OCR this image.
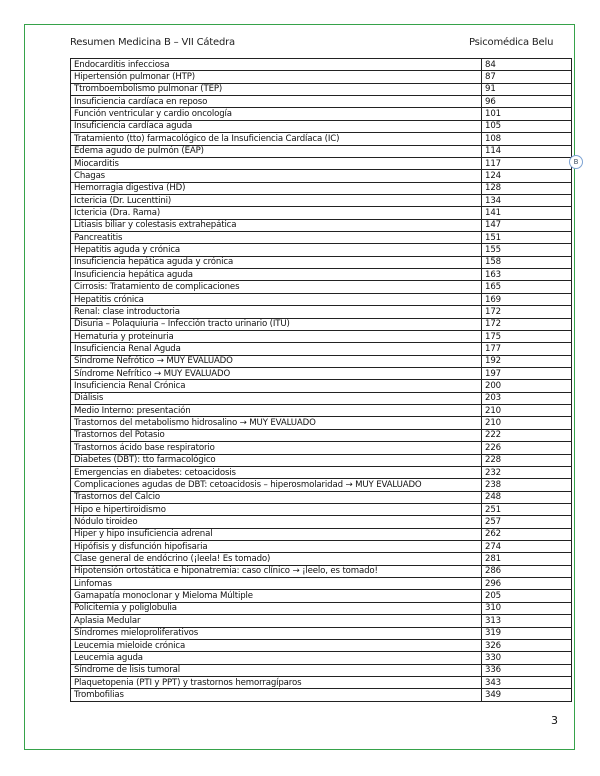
Resumen Medicina B – VII Cátedra	Psicomédica Belu
Endocarditis infecciosa	84
Hipertensión pulmonar (HTP)	87
Ttromboembolismo pulmonar (TEP)	91
Insuficiencia cardíaca en reposo	96
Función ventricular y cardio oncología	101
Insuficiencia cardíaca aguda	105
Tratamiento (tto) farmacológico de la Insuficiencia Cardíaca (IC)	108
Edema agudo de pulmón (EAP)	114
Miocarditis	117
Chagas	124
Hemorragia digestiva (HD)	128
Ictericia (Dr. Lucenttini)	134
Ictericia (Dra. Rama)	141
Litiasis biliar y colestasis extrahepática	147
Pancreatitis	151
Hepatitis aguda y crónica	155
Insuficiencia hepática aguda y crónica	158
Insuficiencia hepática aguda	163
Cirrosis: Tratamiento de complicaciones	165
Hepatitis crónica	169
Renal: clase introductoria	172
Disuria – Polaquiuria – Infección tracto urinario (ITU)	172
Hematuria y proteinuria	175
Insuficiencia Renal Aguda	177
Síndrome Nefrótico → MUY EVALUADO	192
Síndrome Nefrítico → MUY EVALUADO	197
Insuficiencia Renal Crónica	200
Diálisis	203
Medio Interno: presentación	210
Trastornos del metabolismo hidrosalino → MUY EVALUADO	210
Trastornos del Potasio	222
Trastornos ácido base respiratorio	226
Diabetes (DBT): tto farmacológico	228
Emergencias en diabetes: cetoacidosis	232
Complicaciones agudas de DBT: cetoacidosis – hiperosmolaridad → MUY EVALUADO	238
Trastornos del Calcio	248
Hipo e hipertiroidismo	251
Nódulo tiroideo	257
Hiper y hipo insuficiencia adrenal	262
Hipófisis y disfunción hipofisaria	274
Clase general de endócrino (¡leela! Es tomado)	281
Hipotensión ortostática e hiponatremia: caso clínico → ¡leelo, es tomado!	286
Linfomas	296
Gamapatía monoclonar y Mieloma Múltiple	205
Policitemia y poliglobulia	310
Aplasia Medular	313
Síndromes mieloproliferativos	319
Leucemia mieloide crónica	326
Leucemia aguda	330
Síndrome de lisis tumoral	336
Plaquetopenia (PTI y PPT) y trastornos hemorragíparos	343
Trombofilias	349
B
3
